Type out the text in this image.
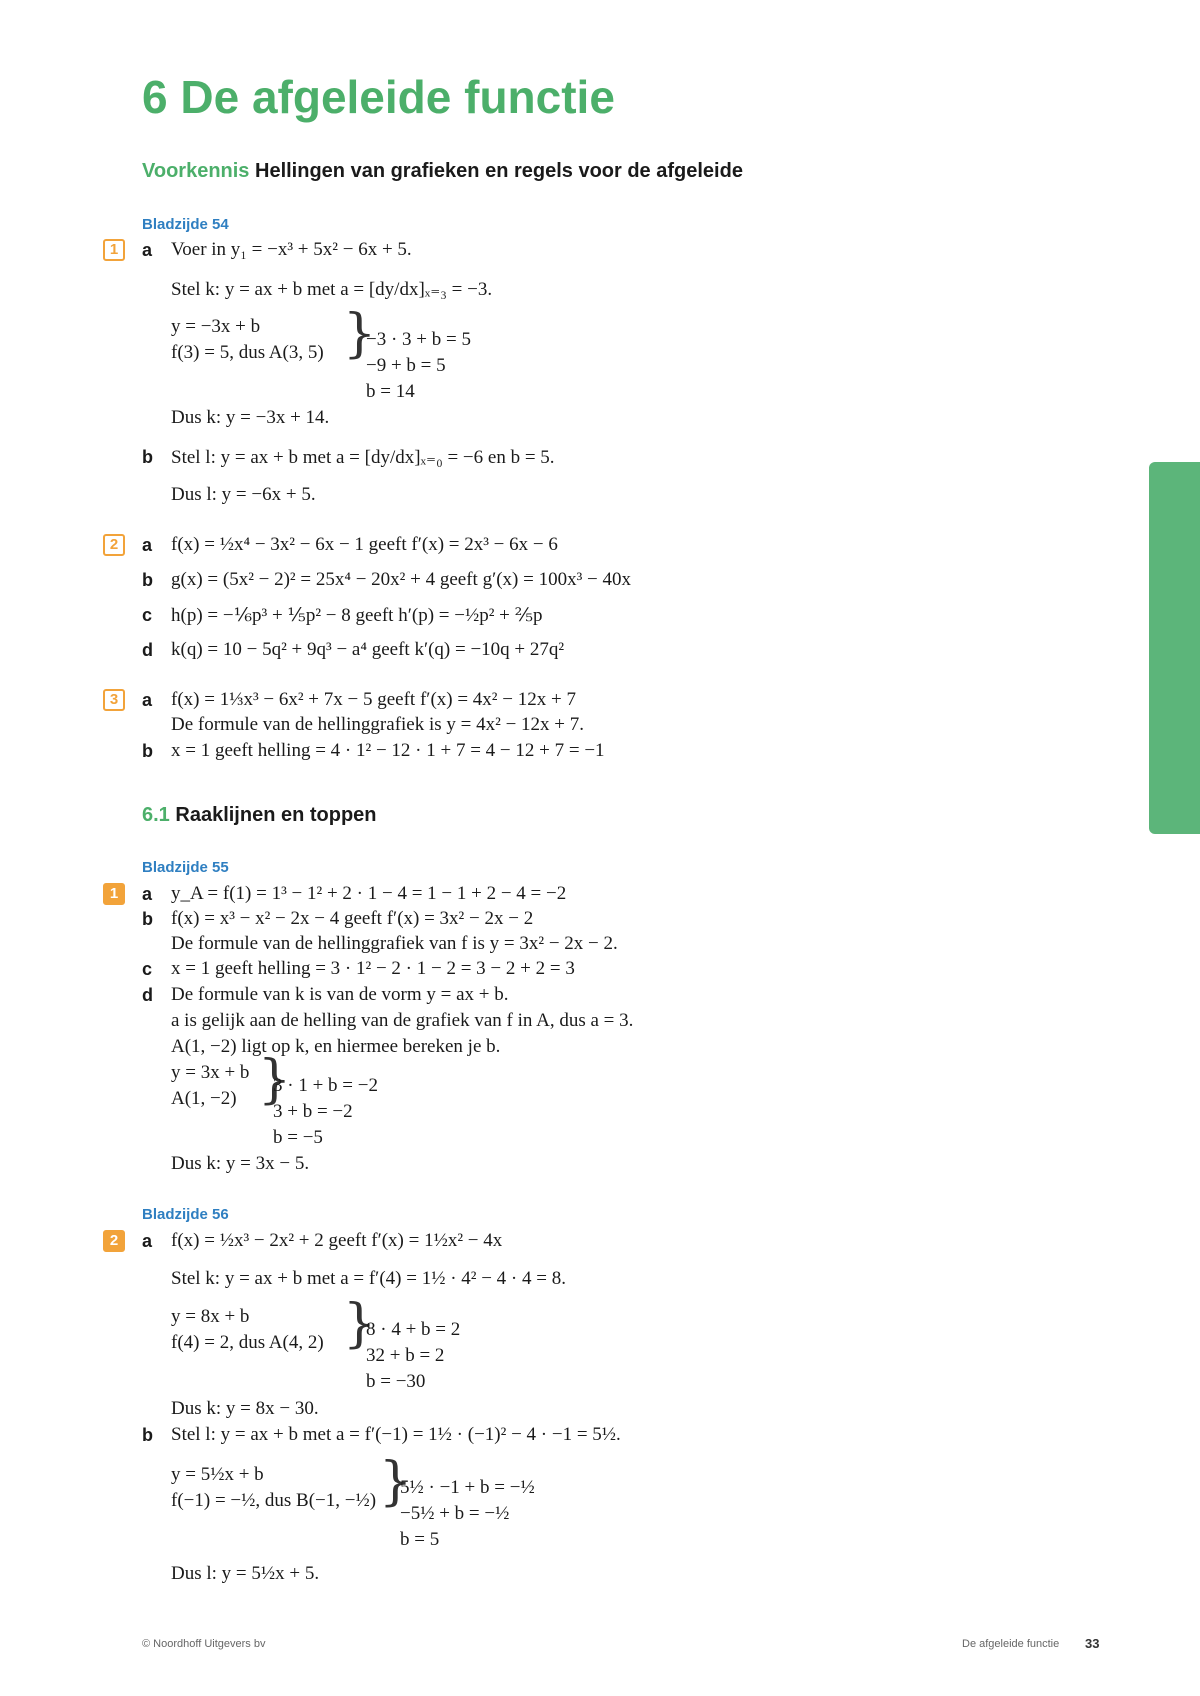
6 De afgeleide functie
Voorkennis Hellingen van grafieken en regels voor de afgeleide
Bladzijde 54
1	a Voer in y₁ = −x³ + 5x² − 6x + 5.
Stel k: y = ax + b met a = [dy/dx]ₓ₌₃ = −3.
y = −3x + b
f(3) = 5, dus A(3, 5) }
−3 · 3 + b = 5
−9 + b = 5
b = 14
Dus k: y = −3x + 14.
b Stel l: y = ax + b met a = [dy/dx]ₓ₌₀ = −6 en b = 5.
Dus l: y = −6x + 5.
2	a f(x) = ½x⁴ − 3x² − 6x − 1 geeft f′(x) = 2x³ − 6x − 6
b g(x) = (5x² − 2)² = 25x⁴ − 20x² + 4 geeft g′(x) = 100x³ − 40x
c h(p) = −⅙p³ + ⅕p² − 8 geeft h′(p) = −½p² + ⅖p
d k(q) = 10 − 5q² + 9q³ − a⁴ geeft k′(q) = −10q + 27q²
3	a f(x) = 1⅓x³ − 6x² + 7x − 5 geeft f′(x) = 4x² − 12x + 7
De formule van de hellinggrafiek is y = 4x² − 12x + 7.
b x = 1 geeft helling = 4 · 1² − 12 · 1 + 7 = 4 − 12 + 7 = −1
6.1 Raaklijnen en toppen
Bladzijde 55
1	a y_A = f(1) = 1³ − 1² + 2 · 1 − 4 = 1 − 1 + 2 − 4 = −2
b f(x) = x³ − x² − 2x − 4 geeft f′(x) = 3x² − 2x − 2
De formule van de hellinggrafiek van f is y = 3x² − 2x − 2.
c x = 1 geeft helling = 3 · 1² − 2 · 1 − 2 = 3 − 2 + 2 = 3
d De formule van k is van de vorm y = ax + b.
a is gelijk aan de helling van de grafiek van f in A, dus a = 3.
A(1, −2) ligt op k, en hiermee bereken je b.
y = 3x + b
A(1, −2) }
3 · 1 + b = −2
3 + b = −2
b = −5
Dus k: y = 3x − 5.
Bladzijde 56
2	a f(x) = ½x³ − 2x² + 2 geeft f′(x) = 1½x² − 4x
Stel k: y = ax + b met a = f′(4) = 1½ · 4² − 4 · 4 = 8.
y = 8x + b
f(4) = 2, dus A(4, 2) }
8 · 4 + b = 2
32 + b = 2
b = −30
Dus k: y = 8x − 30.
b Stel l: y = ax + b met a = f′(−1) = 1½ · (−1)² − 4 · −1 = 5½.
y = 5½x + b
f(−1) = −½, dus B(−1, −½) }
5½ · −1 + b = −½
−5½ + b = −½
b = 5
Dus l: y = 5½x + 5.
© Noordhoff Uitgevers bv	De afgeleide functie 33
